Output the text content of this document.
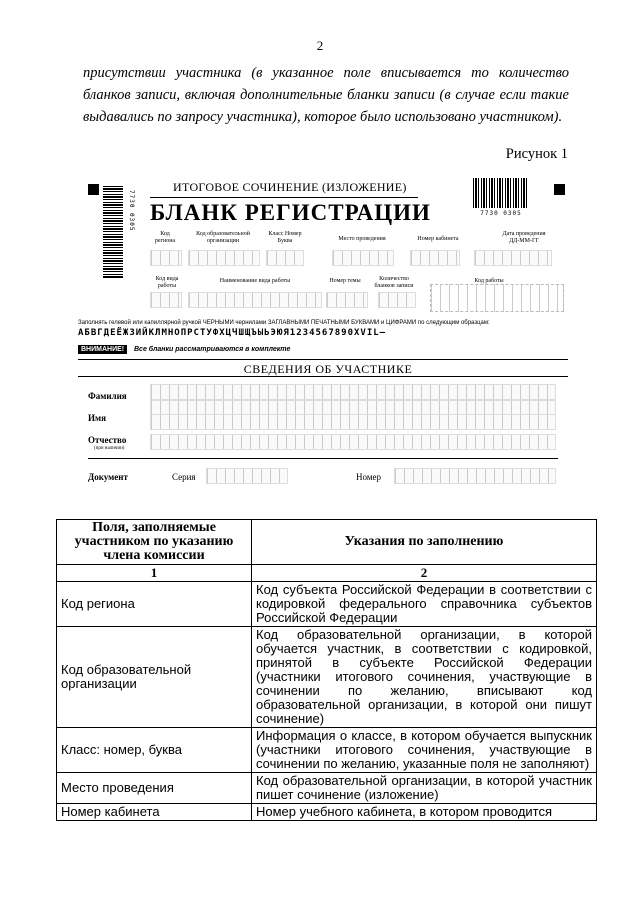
2
присутствии участника (в указанное поле вписывается то количество бланков записи, включая дополнительные бланки записи (в случае если такие выдавались по запросу участника), которое было использовано участником).
Рисунок 1
7730 0305	7730 0305
ИТОГОВОЕ СОЧИНЕНИЕ (ИЗЛОЖЕНИЕ)
БЛАНК РЕГИСТРАЦИИ
Код региона
Код образовательной организации
Класс Номер Буква	Место проведения	Номер кабинета
Дата проведения
ДД-ММ-ГГ
Код вида работы
Наименование вида работы	Номер темы	Количество бланков записи
Код работы
Заполнять гелевой или капиллярной ручкой ЧЕРНЫМИ чернилами ЗАГЛАВНЫМИ ПЕЧАТНЫМИ БУКВАМИ и ЦИФРАМИ по следующим образцам:
АБВГДЕЁЖЗИЙКЛМНОПРСТУФХЦЧШЩЪЫЬЭЮЯ1234567890XVIL–
ВНИМАНИЕ!	Все бланки рассматриваются в комплекте
СВЕДЕНИЯ ОБ УЧАСТНИКЕ
Фамилия
Имя
Отчество
(при наличии)
Документ	Серия	Номер
Поля, заполняемые участником по указанию члена комиссии	Указания по заполнению
1	2
Код региона	Код субъекта Российской Федерации в соответствии с кодировкой федерального справочника субъектов Российской Федерации
Код образовательной организации	Код образовательной организации, в которой обучается участник, в соответствии с кодировкой, принятой в субъекте Российской Федерации (участники итогового сочинения, участвующие в сочинении по желанию, вписывают код образовательной организации, в которой они пишут сочинение)
Класс: номер, буква	Информация о классе, в котором обучается выпускник (участники итогового сочинения, участвующие в сочинении по желанию, указанные поля не заполняют)
Место проведения	Код образовательной организации, в которой участник пишет сочинение (изложение)
Номер кабинета	Номер учебного кабинета, в котором проводится
